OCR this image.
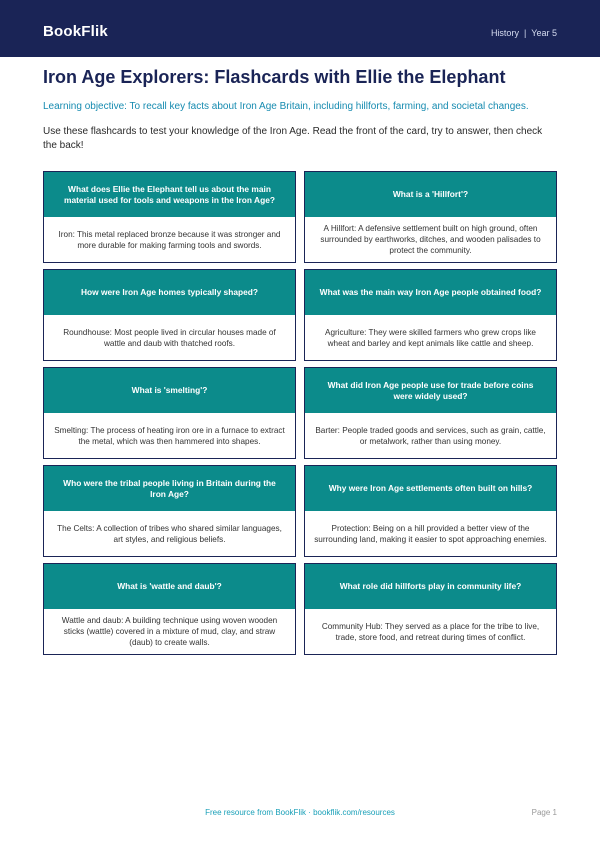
BookFlik	History | Year 5
Iron Age Explorers: Flashcards with Ellie the Elephant

Learning objective: To recall key facts about Iron Age Britain, including hillforts, farming, and societal changes.

Use these flashcards to test your knowledge of the Iron Age. Read the front of the card, try to answer, then check the back!

What does Ellie the Elephant tell us about the main material used for tools and weapons in the Iron Age?
Iron: This metal replaced bronze because it was stronger and more durable for making farming tools and swords.
What is a 'Hillfort'?
A Hillfort: A defensive settlement built on high ground, often surrounded by earthworks, ditches, and wooden palisades to protect the community.
How were Iron Age homes typically shaped?
Roundhouse: Most people lived in circular houses made of wattle and daub with thatched roofs.
What was the main way Iron Age people obtained food?
Agriculture: They were skilled farmers who grew crops like wheat and barley and kept animals like cattle and sheep.
What is 'smelting'?
Smelting: The process of heating iron ore in a furnace to extract the metal, which was then hammered into shapes.
What did Iron Age people use for trade before coins were widely used?
Barter: People traded goods and services, such as grain, cattle, or metalwork, rather than using money.
Who were the tribal people living in Britain during the Iron Age?
The Celts: A collection of tribes who shared similar languages, art styles, and religious beliefs.
Why were Iron Age settlements often built on hills?
Protection: Being on a hill provided a better view of the surrounding land, making it easier to spot approaching enemies.
What is 'wattle and daub'?
Wattle and daub: A building technique using woven wooden sticks (wattle) covered in a mixture of mud, clay, and straw (daub) to create walls.
What role did hillforts play in community life?
Community Hub: They served as a place for the tribe to live, trade, store food, and retreat during times of conflict.
Free resource from BookFlik · bookflik.com/resources	Page 1
